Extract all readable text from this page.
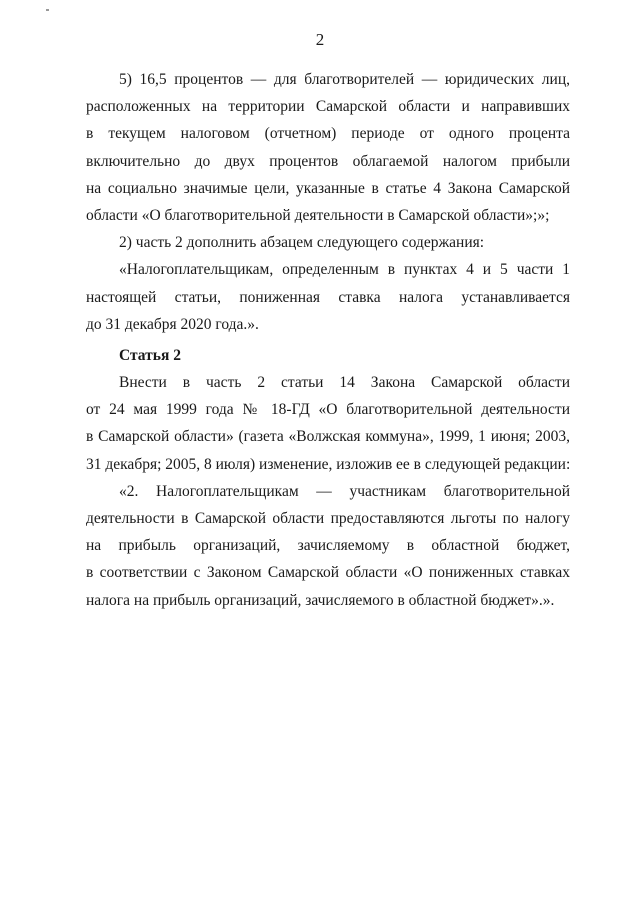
2
5) 16,5 процентов — для благотворителей — юридических лиц,
расположенных на территории Самарской области и направивших
в текущем налоговом (отчетном) периоде от одного процента
включительно до двух процентов облагаемой налогом прибыли
на социально значимые цели, указанные в статье 4 Закона Самарской
области «О благотворительной деятельности в Самарской области»;»;
2) часть 2 дополнить абзацем следующего содержания:
«Налогоплательщикам, определенным в пунктах 4 и 5 части 1
настоящей статьи, пониженная ставка налога устанавливается
до 31 декабря 2020 года.».
Статья 2
Внести в часть 2 статьи 14 Закона Самарской области
от 24 мая 1999 года № 18-ГД «О благотворительной деятельности
в Самарской области» (газета «Волжская коммуна», 1999, 1 июня; 2003,
31 декабря; 2005, 8 июля) изменение, изложив ее в следующей редакции:
«2. Налогоплательщикам — участникам благотворительной
деятельности в Самарской области предоставляются льготы по налогу
на прибыль организаций, зачисляемому в областной бюджет,
в соответствии с Законом Самарской области «О пониженных ставках
налога на прибыль организаций, зачисляемого в областной бюджет».».
